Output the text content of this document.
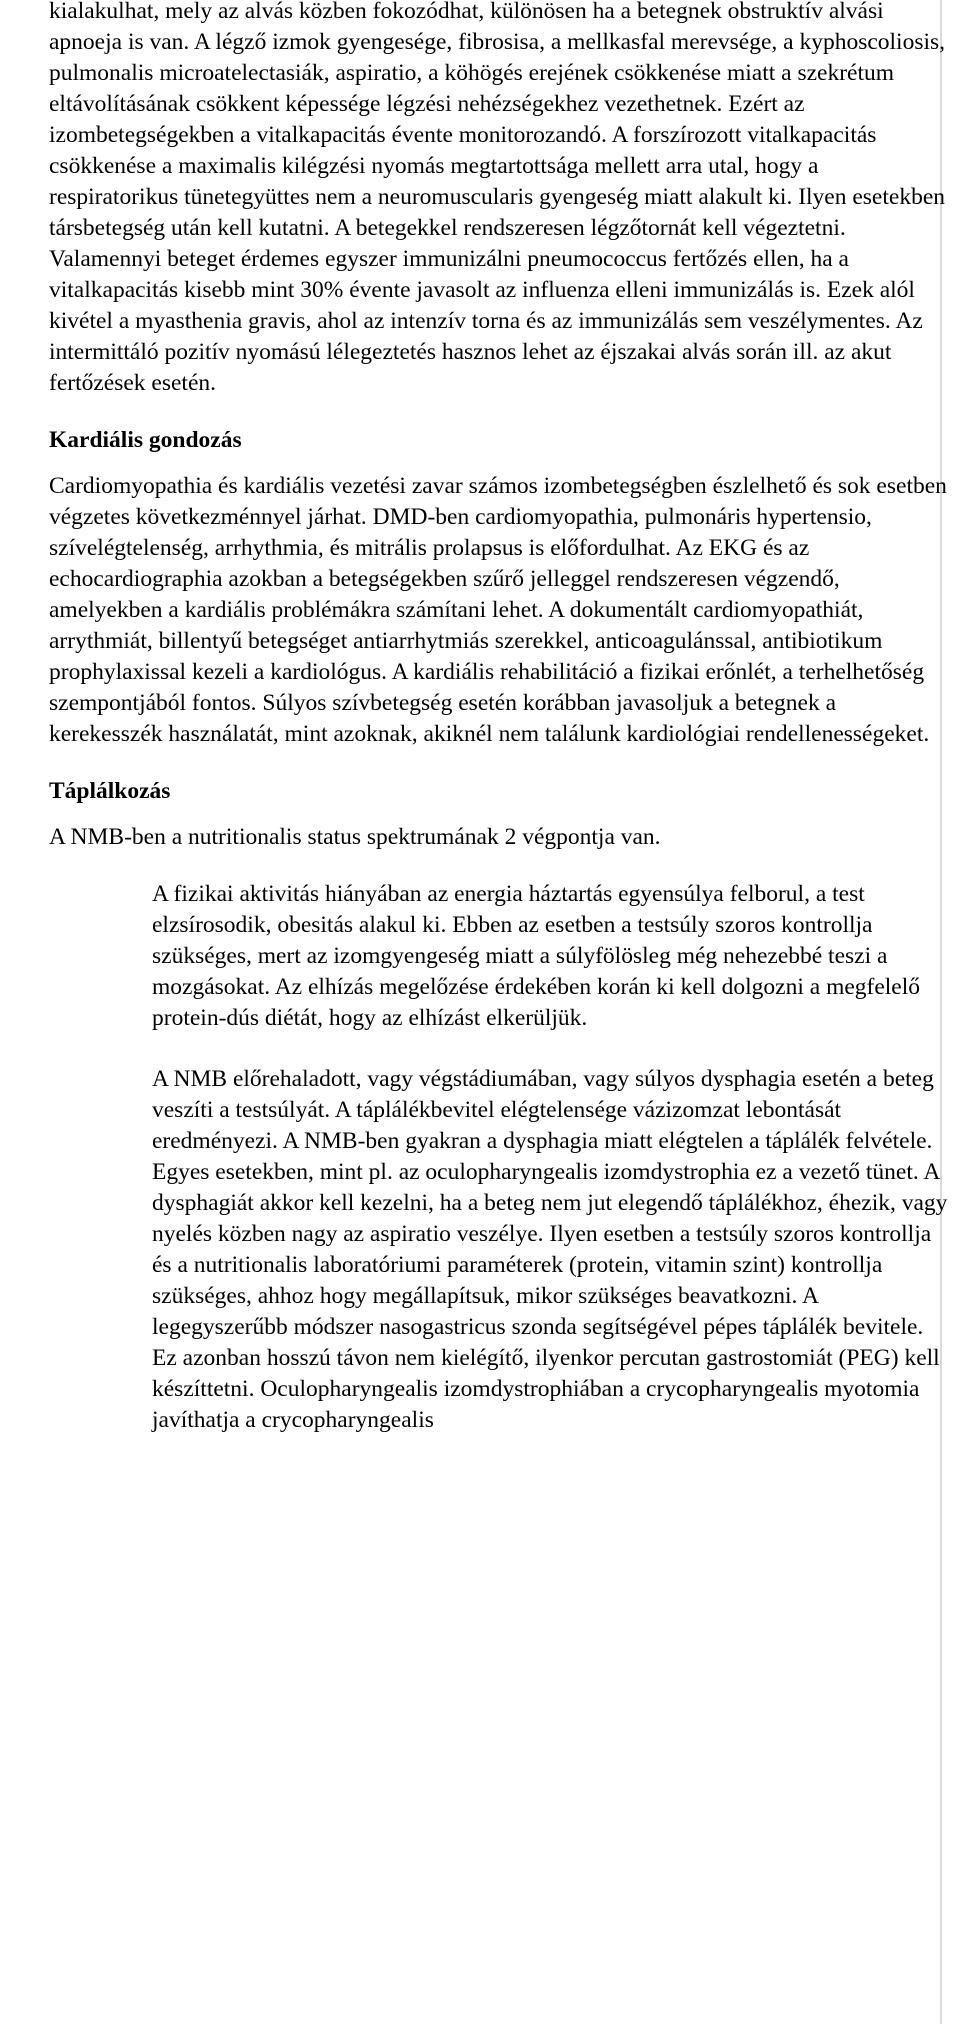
kialakulhat, mely az alvás közben fokozódhat, különösen ha a betegnek obstruktív alvási apnoeja is van. A légző izmok gyengesége, fibrosisa, a mellkasfal merevsége, a kyphoscoliosis, pulmonalis microatelectasiák, aspiratio, a köhögés erejének csökkenése miatt a szekrétum eltávolításának csökkent képessége légzési nehézségekhez vezethetnek. Ezért az izombetegségekben a vitalkapacitás évente monitorozandó. A forszírozott vitalkapacitás csökkenése a maximalis kilégzési nyomás megtartottsága mellett arra utal, hogy a respiratorikus tünetegyüttes nem a neuromuscularis gyengeség miatt alakult ki. Ilyen esetekben társbetegség után kell kutatni. A betegekkel rendszeresen légzőtornát kell végeztetni. Valamennyi beteget érdemes egyszer immunizálni pneumococcus fertőzés ellen, ha a vitalkapacitás kisebb mint 30% évente javasolt az influenza elleni immunizálás is. Ezek alól kivétel a myasthenia gravis, ahol az intenzív torna és az immunizálás sem veszélymentes. Az intermittáló pozitív nyomású lélegeztetés hasznos lehet az éjszakai alvás során ill. az akut fertőzések esetén.

Kardiális gondozás

Cardiomyopathia és kardiális vezetési zavar számos izombetegségben észlelhető és sok esetben végzetes következménnyel járhat. DMD-ben cardiomyopathia, pulmonáris hypertensio, szívelégtelenség, arrhythmia, és mitrális prolapsus is előfordulhat. Az EKG és az echocardiographia azokban a betegségekben szűrő jelleggel rendszeresen végzendő, amelyekben a kardiális problémákra számítani lehet. A dokumentált cardiomyopathiát, arrythmiát, billentyű betegséget antiarrhytmiás szerekkel, anticoagulánssal, antibiotikum prophylaxissal kezeli a kardiológus. A kardiális rehabilitáció a fizikai erőnlét, a terhelhetőség szempontjából fontos. Súlyos szívbetegség esetén korábban javasoljuk a betegnek a kerekesszék használatát, mint azoknak, akiknél nem találunk kardiológiai rendellenességeket.

Táplálkozás

A NMB-ben a nutritionalis status spektrumának 2 végpontja van.

A fizikai aktivitás hiányában az energia háztartás egyensúlya felborul, a test elzsírosodik, obesitás alakul ki. Ebben az esetben a testsúly szoros kontrollja szükséges, mert az izomgyengeség miatt a súlyfölösleg még nehezebbé teszi a mozgásokat. Az elhízás megelőzése érdekében korán ki kell dolgozni a megfelelő protein-dús diétát, hogy az elhízást elkerüljük.

A NMB előrehaladott, vagy végstádiumában, vagy súlyos dysphagia esetén a beteg veszíti a testsúlyát. A táplálékbevitel elégtelensége vázizomzat lebontását eredményezi. A NMB-ben gyakran a dysphagia miatt elégtelen a táplálék felvétele. Egyes esetekben, mint pl. az oculopharyngealis izomdystrophia ez a vezető tünet. A dysphagiát akkor kell kezelni, ha a beteg nem jut elegendő táplálékhoz, éhezik, vagy nyelés közben nagy az aspiratio veszélye. Ilyen esetben a testsúly szoros kontrollja és a nutritionalis laboratóriumi paraméterek (protein, vitamin szint) kontrollja szükséges, ahhoz hogy megállapítsuk, mikor szükséges beavatkozni. A legegyszerűbb módszer nasogastricus szonda segítségével pépes táplálék bevitele. Ez azonban hosszú távon nem kielégítő, ilyenkor percutan gastrostomiát (PEG) kell készíttetni. Oculopharyngealis izomdystrophiában a crycopharyngealis myotomia javíthatja a crycopharyngealis
